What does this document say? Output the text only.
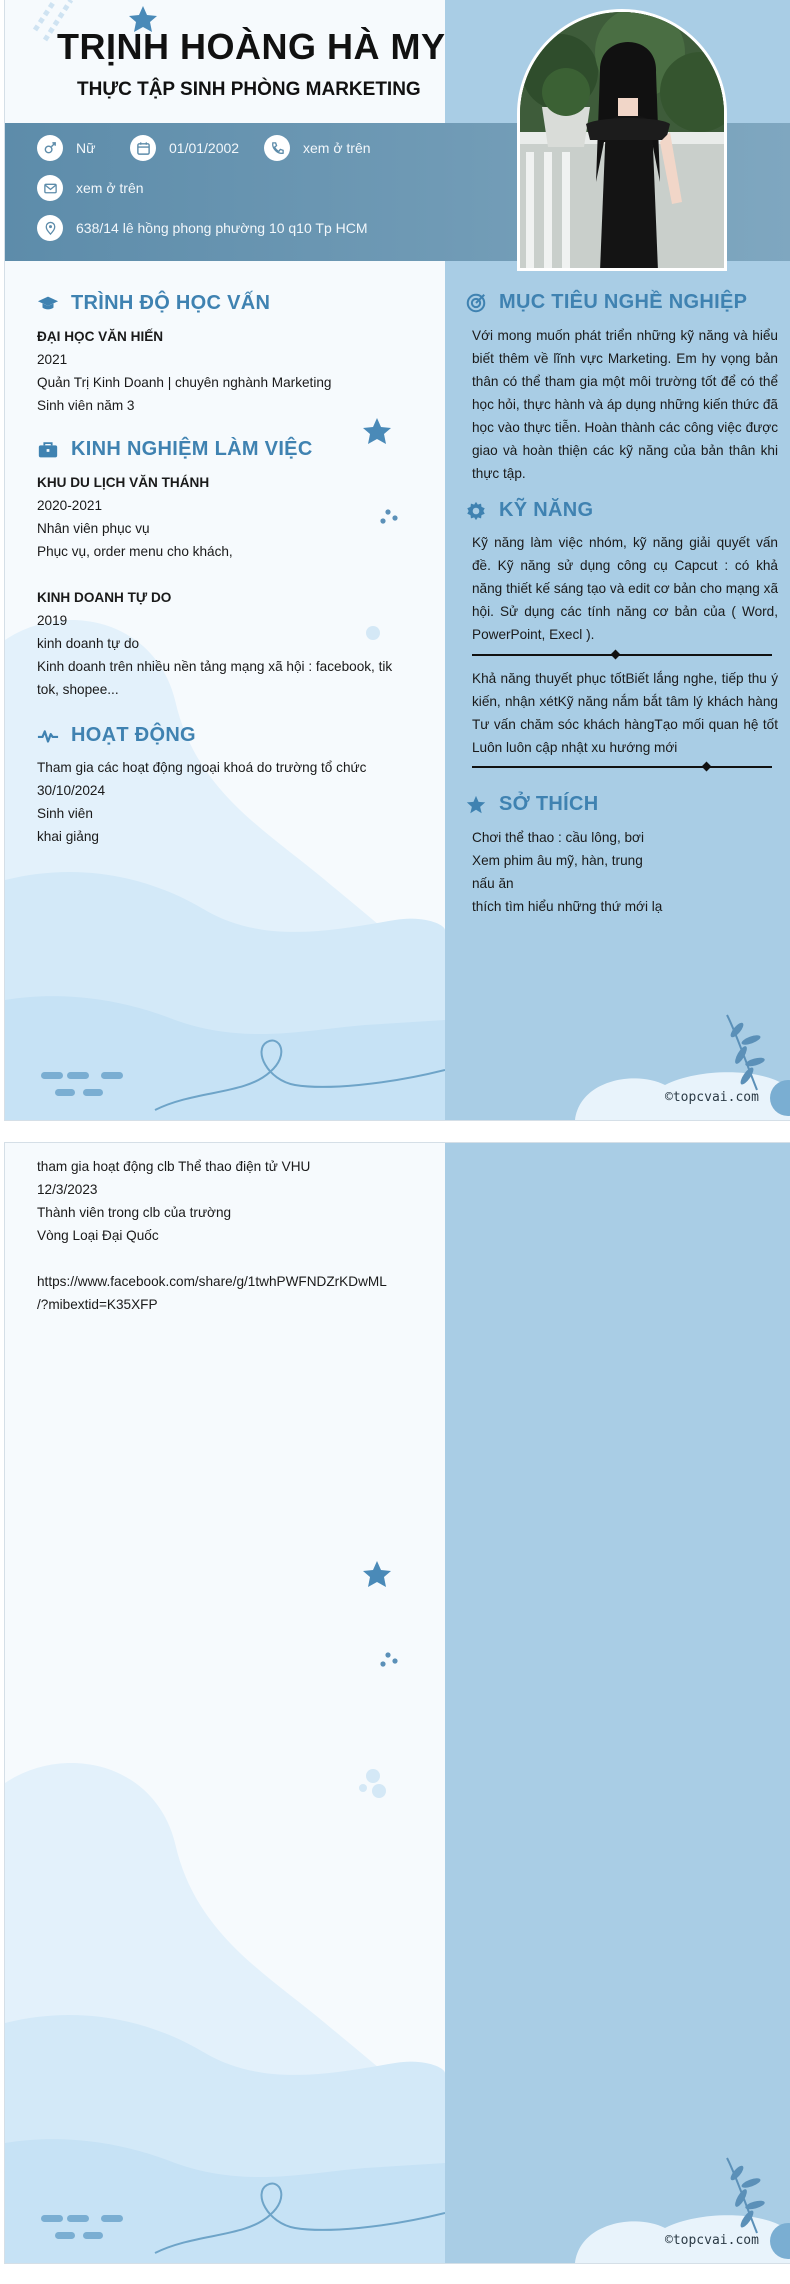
TRỊNH HOÀNG HÀ MY
THỰC TẬP SINH PHÒNG MARKETING
Nữ	01/01/2002	xem ở trên
xem ở trên
638/14 lê hồng phong phường 10 q10 Tp HCM
TRÌNH ĐỘ HỌC VẤN
ĐẠI HỌC VĂN HIẾN
2021
Quản Trị Kinh Doanh | chuyên nghành Marketing
Sinh viên năm 3
KINH NGHIỆM LÀM VIỆC
KHU DU LỊCH VĂN THÁNH
2020-2021
Nhân viên phục vụ
Phục vụ, order menu cho khách,
KINH DOANH TỰ DO
2019
kinh doanh tự do
Kinh doanh trên nhiều nền tảng mạng xã hội : facebook, tik tok, shopee...
HOẠT ĐỘNG
Tham gia các hoạt động ngoại khoá do trường tổ chức
30/10/2024
Sinh viên
khai giảng
MỤC TIÊU NGHỀ NGHIỆP
Với mong muốn phát triển những kỹ năng và hiểu biết thêm về lĩnh vực Marketing. Em hy vọng bản thân có thể tham gia một môi trường tốt để có thể học hỏi, thực hành và áp dụng những kiến thức đã học vào thực tiễn. Hoàn thành các công việc được giao và hoàn thiện các kỹ năng của bản thân khi thực tập.
KỸ NĂNG
Kỹ năng làm việc nhóm, kỹ năng giải quyết vấn đề. Kỹ năng sử dụng công cụ Capcut : có khả năng thiết kế sáng tạo và edit cơ bản cho mạng xã hội. Sử dụng các tính năng cơ bản của ( Word, PowerPoint, Execl ).
Khả năng thuyết phục tốtBiết lắng nghe, tiếp thu ý kiến, nhận xétKỹ năng nắm bắt tâm lý khách hàng Tư vấn chăm sóc khách hàngTạo mối quan hệ tốt Luôn luôn cập nhật xu hướng mới
SỞ THÍCH
Chơi thể thao : cầu lông, bơi
Xem phim âu mỹ, hàn, trung
nấu ăn
thích tìm hiểu những thứ mới lạ
©topcvai.com
tham gia hoạt động clb Thể thao điện tử VHU
12/3/2023
Thành viên trong clb của trường
Vòng Loại Đại Quốc
https://www.facebook.com/share/g/1twhPWFNDZrKDwML
/?mibextid=K35XFP
©topcvai.com
